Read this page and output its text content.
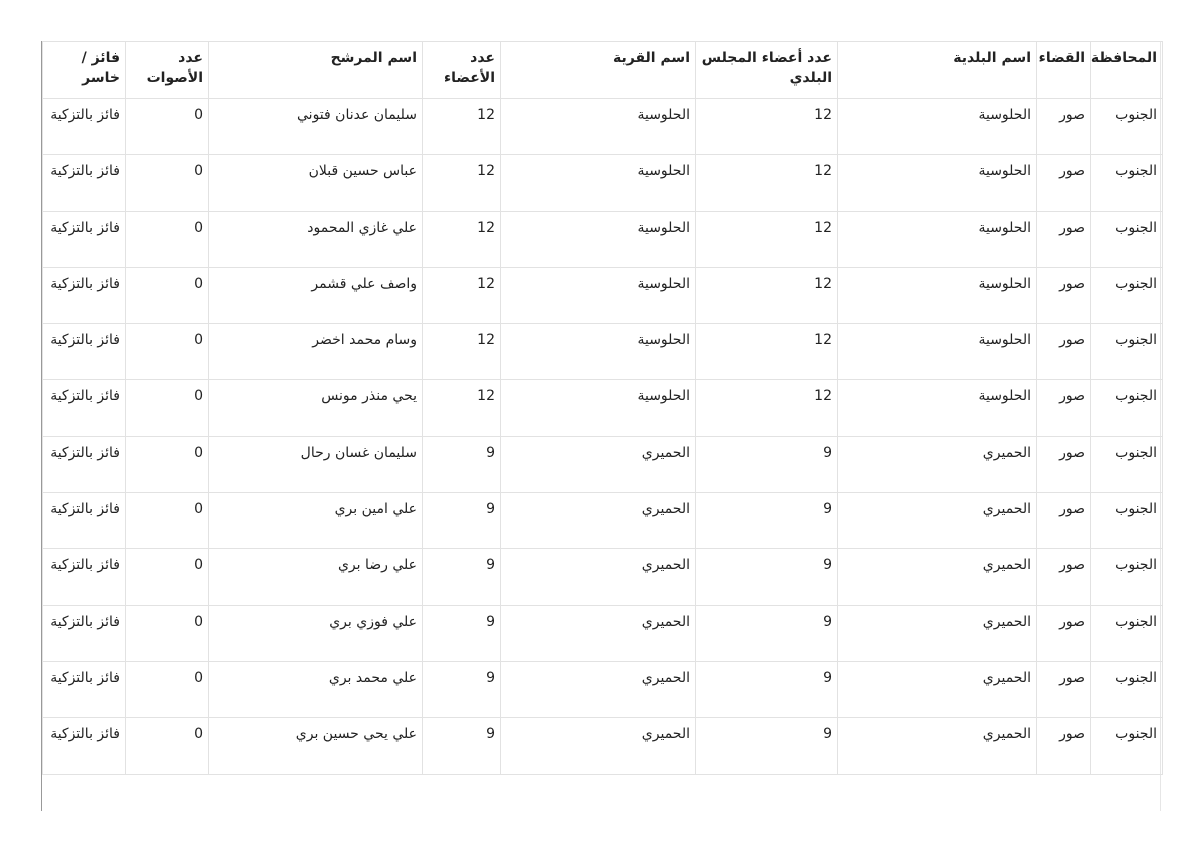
المحافظة	القضاء	اسم البلدية	عدد أعضاء المجلس البلدي	اسم القرية	عدد الأعضاء	اسم المرشح	عدد الأصوات	فائز / خاسر
الجنوب	صور	الحلوسية	12	الحلوسية	12	سليمان عدنان فتوني	0	فائز بالتزكية
الجنوب	صور	الحلوسية	12	الحلوسية	12	عباس حسين قبلان	0	فائز بالتزكية
الجنوب	صور	الحلوسية	12	الحلوسية	12	علي غازي المحمود	0	فائز بالتزكية
الجنوب	صور	الحلوسية	12	الحلوسية	12	واصف علي قشمر	0	فائز بالتزكية
الجنوب	صور	الحلوسية	12	الحلوسية	12	وسام محمد اخضر	0	فائز بالتزكية
الجنوب	صور	الحلوسية	12	الحلوسية	12	يحي منذر مونس	0	فائز بالتزكية
الجنوب	صور	الحميري	9	الحميري	9	سليمان غسان رحال	0	فائز بالتزكية
الجنوب	صور	الحميري	9	الحميري	9	علي امين بري	0	فائز بالتزكية
الجنوب	صور	الحميري	9	الحميري	9	علي رضا بري	0	فائز بالتزكية
الجنوب	صور	الحميري	9	الحميري	9	علي فوزي بري	0	فائز بالتزكية
الجنوب	صور	الحميري	9	الحميري	9	علي محمد بري	0	فائز بالتزكية
الجنوب	صور	الحميري	9	الحميري	9	علي يحي حسين بري	0	فائز بالتزكية
